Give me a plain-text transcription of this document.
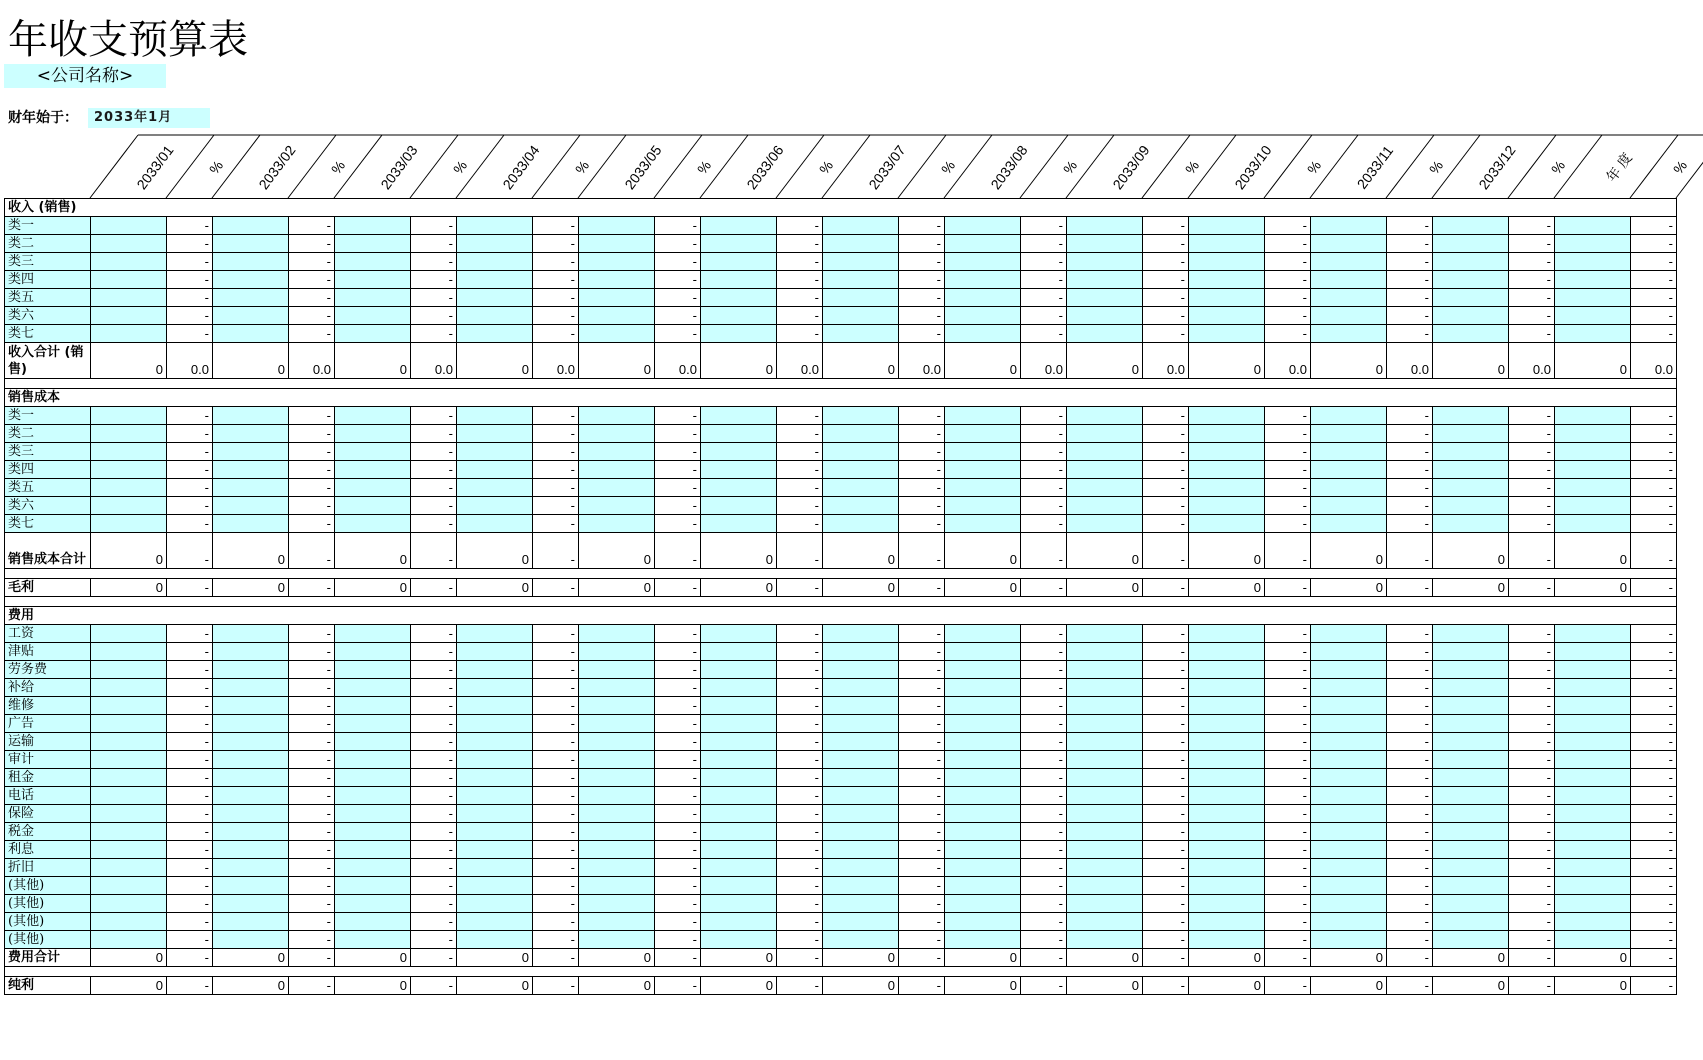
年收支预算表
<公司名称>
财年始于：	2033年1月
2033/01 % 2033/02 % 2033/03 % 2033/04 % 2033/05 % 2033/06 % 2033/07 % 2033/08 % 2033/09 % 2033/10 % 2033/11 % 2033/12 % 年 度 %
收入 (销售)																										
类一		-		-		-		-		-		-		-		-		-		-		-		-		-
类二		-		-		-		-		-		-		-		-		-		-		-		-		-
类三		-		-		-		-		-		-		-		-		-		-		-		-		-
类四		-		-		-		-		-		-		-		-		-		-		-		-		-
类五		-		-		-		-		-		-		-		-		-		-		-		-		-
类六		-		-		-		-		-		-		-		-		-		-		-		-		-
类七		-		-		-		-		-		-		-		-		-		-		-		-		-
收入合计 (销售)	0	0.0	0	0.0	0	0.0	0	0.0	0	0.0	0	0.0	0	0.0	0	0.0	0	0.0	0	0.0	0	0.0	0	0.0	0	0.0

销售成本																										
类一		-		-		-		-		-		-		-		-		-		-		-		-		-
类二		-		-		-		-		-		-		-		-		-		-		-		-		-
类三		-		-		-		-		-		-		-		-		-		-		-		-		-
类四		-		-		-		-		-		-		-		-		-		-		-		-		-
类五		-		-		-		-		-		-		-		-		-		-		-		-		-
类六		-		-		-		-		-		-		-		-		-		-		-		-		-
类七		-		-		-		-		-		-		-		-		-		-		-		-		-
销售成本合计	0	-	0	-	0	-	0	-	0	-	0	-	0	-	0	-	0	-	0	-	0	-	0	-	0	-

毛利	0	-	0	-	0	-	0	-	0	-	0	-	0	-	0	-	0	-	0	-	0	-	0	-	0	-

费用																										
工资		-		-		-		-		-		-		-		-		-		-		-		-		-
津贴		-		-		-		-		-		-		-		-		-		-		-		-		-
劳务费		-		-		-		-		-		-		-		-		-		-		-		-		-
补给		-		-		-		-		-		-		-		-		-		-		-		-		-
维修		-		-		-		-		-		-		-		-		-		-		-		-		-
广告		-		-		-		-		-		-		-		-		-		-		-		-		-
运输		-		-		-		-		-		-		-		-		-		-		-		-		-
审计		-		-		-		-		-		-		-		-		-		-		-		-		-
租金		-		-		-		-		-		-		-		-		-		-		-		-		-
电话		-		-		-		-		-		-		-		-		-		-		-		-		-
保险		-		-		-		-		-		-		-		-		-		-		-		-		-
税金		-		-		-		-		-		-		-		-		-		-		-		-		-
利息		-		-		-		-		-		-		-		-		-		-		-		-		-
折旧		-		-		-		-		-		-		-		-		-		-		-		-		-
(其他)		-		-		-		-		-		-		-		-		-		-		-		-		-
(其他)		-		-		-		-		-		-		-		-		-		-		-		-		-
(其他)		-		-		-		-		-		-		-		-		-		-		-		-		-
(其他)		-		-		-		-		-		-		-		-		-		-		-		-		-
费用合计	0	-	0	-	0	-	0	-	0	-	0	-	0	-	0	-	0	-	0	-	0	-	0	-	0	-

纯利	0	-	0	-	0	-	0	-	0	-	0	-	0	-	0	-	0	-	0	-	0	-	0	-	0	-
